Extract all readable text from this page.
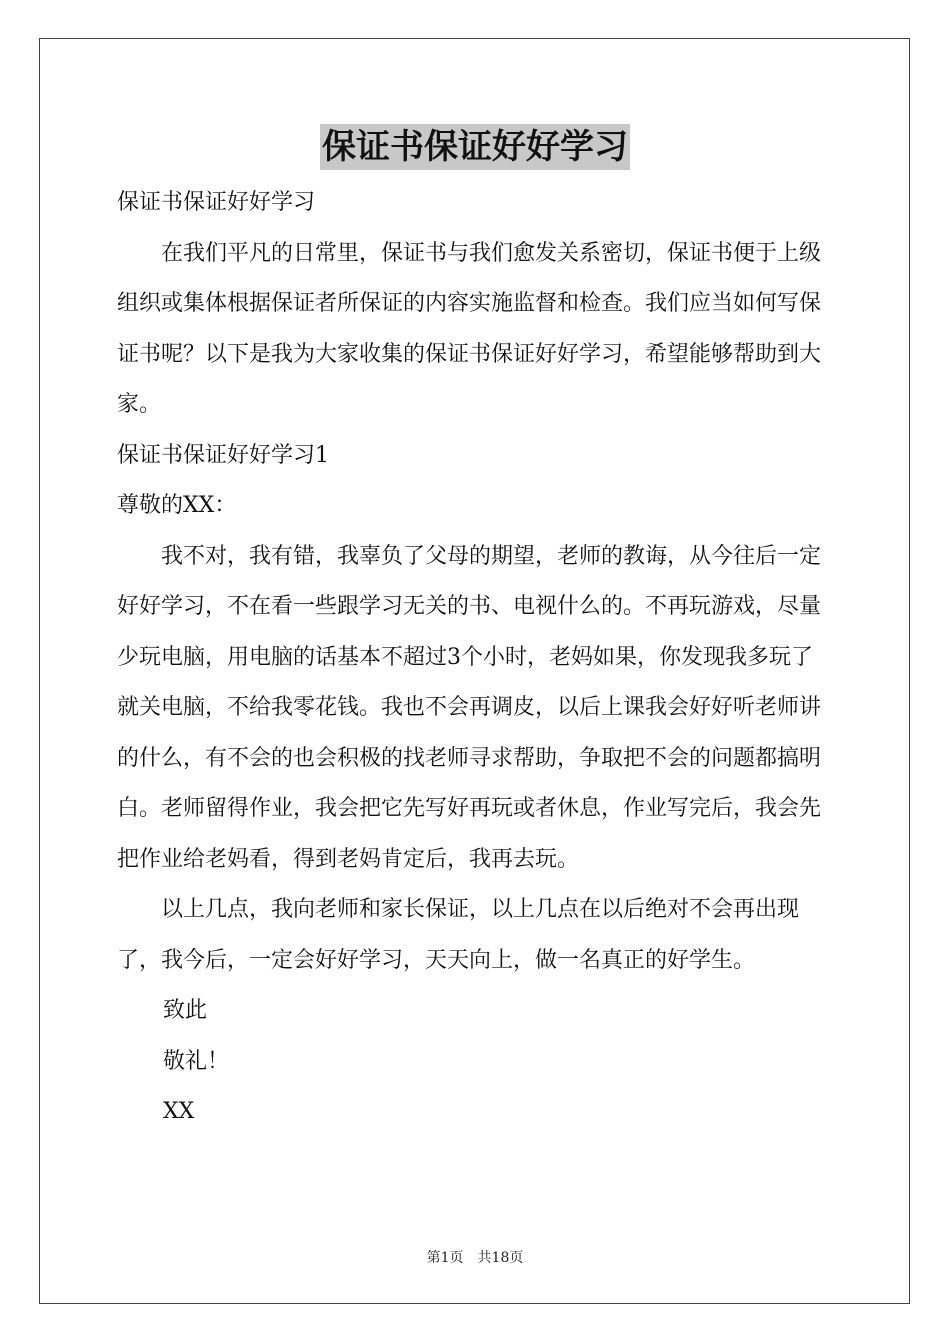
保证书保证好好学习

保证书保证好好学习

在我们平凡的日常里，保证书与我们愈发关系密切，保证书便于上级组织或集体根据保证者所保证的内容实施监督和检查。我们应当如何写保证书呢？以下是我为大家收集的保证书保证好好学习，希望能够帮助到大家。

保证书保证好好学习1

尊敬的XX：

我不对，我有错，我辜负了父母的期望，老师的教诲，从今往后一定好好学习，不在看一些跟学习无关的书、电视什么的。不再玩游戏，尽量少玩电脑，用电脑的话基本不超过3个小时，老妈如果，你发现我多玩了就关电脑，不给我零花钱。我也不会再调皮，以后上课我会好好听老师讲的什么，有不会的也会积极的找老师寻求帮助，争取把不会的问题都搞明白。老师留得作业，我会把它先写好再玩或者休息，作业写完后，我会先把作业给老妈看，得到老妈肯定后，我再去玩。

以上几点，我向老师和家长保证，以上几点在以后绝对不会再出现了，我今后，一定会好好学习，天天向上，做一名真正的好学生。

致此

敬礼！

XX

第1页　共18页
